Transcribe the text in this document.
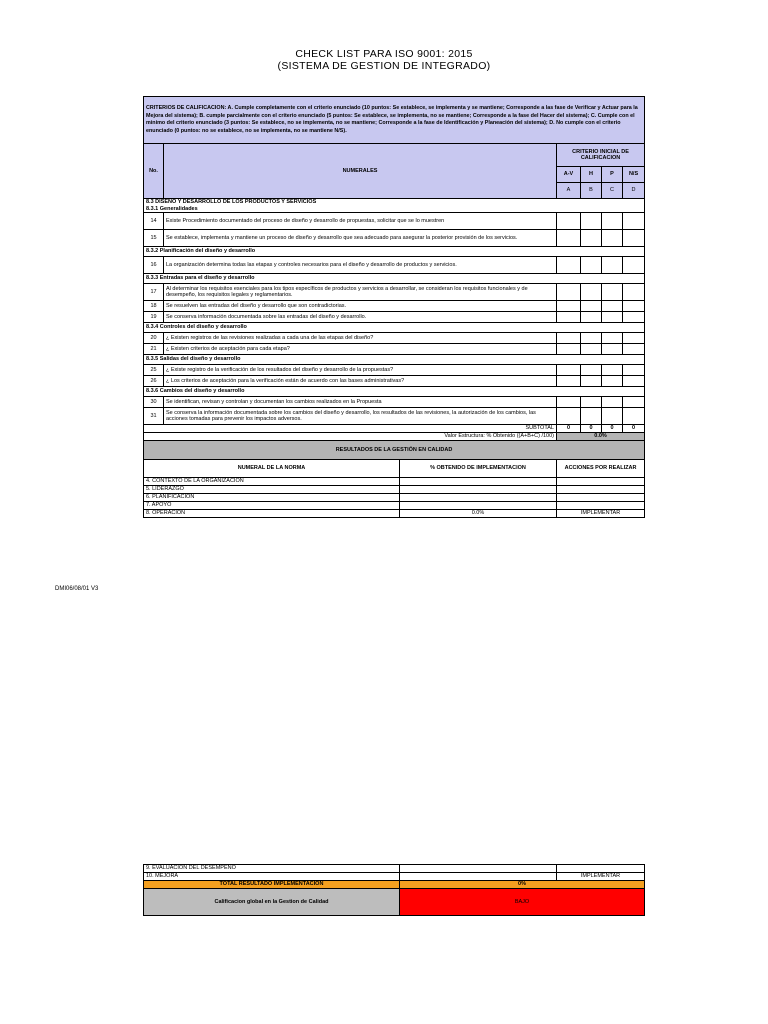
CHECK LIST PARA ISO 9001: 2015
(SISTEMA DE GESTION DE INTEGRADO)
CRITERIOS DE CALIFICACION: A. Cumple completamente con el criterio enunciado (10 puntos: Se establece, se implementa y se mantiene; Corresponde a las fase de Verificar y Actuar para la Mejora del sistema); B. cumple parcialmente con el criterio enunciado (5 puntos: Se establece, se implementa, no se mantiene; Corresponde a la fase del Hacer del sistema); C. Cumple con el minimo del criterio enunciado (3 puntos: Se establece, no se implementa, no se mantiene; Corresponde a la fase de Identificación y Planeación del sistema); D. No cumple con el criterio enunciado (0 puntos: no se establece, no se implementa, no se mantiene N/S).					
No.	NUMERALES	CRITERIO INICIAL DE CALIFICACION			
		A-V	H	P	N/S
		A	B	C	D

8.3 DISEÑO Y DESARROLLO DE LOS PRODUCTOS Y SERVICIOS
8.3.1 Generalidades					

14	Existe Procedimiento documentado del proceso de diseño y desarrollo de propuestas, solicitar que se lo muestren				
15	Se establece, implementa y mantiene un proceso de diseño y desarrollo que sea adecuado para asegurar la posterior provisión de los servicios.				

8.3.2 Planificación del diseño y desarrollo					

16	La organización determina todas las etapas y controles necesarios para el diseño y desarrollo de productos y servicios.				

8.3.3 Entradas para el diseño y desarrollo					

17	Al determinar los requisitos esenciales para los tipos específicos de productos y servicios a desarrollar, se consideran los requisitos funcionales y de desempeño, los requisitos legales y reglamentarios.				
18	Se resuelven las entradas del diseño y desarrollo que son contradictorias.				
19	Se conserva información documentada sobre las entradas del diseño y desarrollo.				

8.3.4 Controles del diseño y desarrollo					

20	¿ Existen registros de las revisiones realizadas a cada una de las etapas del diseño?				
21	¿ Existen criterios de aceptación para cada etapa?				

8.3.5 Salidas del diseño y desarrollo					

25	¿ Existe registro de la verificación de los resultados del diseño y desarrollo de la propuestas?				
26	¿ Los criterios de aceptación para la verificación están de acuerdo con las bases administrativas?				

8.3.6 Cambios del diseño y desarrollo					

30	Se identifican, revisan y controlan y documentan los cambios realizados en la Propuesta				
31	Se conserva la información documentada sobre los cambios del diseño y desarrollo, los resultados de las revisiones, la autorización de los cambios, las acciones tomadas para prevenir los impactos adversos.				
SUBTOTAL		0	0	0	0
Valor Estructura: % Obtenido ((A+B+C) /100)		0.0%			
RESULTADOS DE LA GESTIÓN EN CALIDAD		
NUMERAL DE LA NORMA	% OBTENIDO DE IMPLEMENTACION	ACCIONES POR REALIZAR
4. CONTEXTO DE LA ORGANIZACION		
5. LIDERAZGO		
6. PLANIFICACION		
7. APOYO		
8. OPERACION	0.0%	IMPLEMENTAR
DMI06/08/01 V3
9. EVALUACION DEL DESEMPEÑO		
10. MEJORA		IMPLEMENTAR
TOTAL RESULTADO IMPLEMENTACION	0%	
Calificacion global en la Gestion de Calidad	BAJO	
